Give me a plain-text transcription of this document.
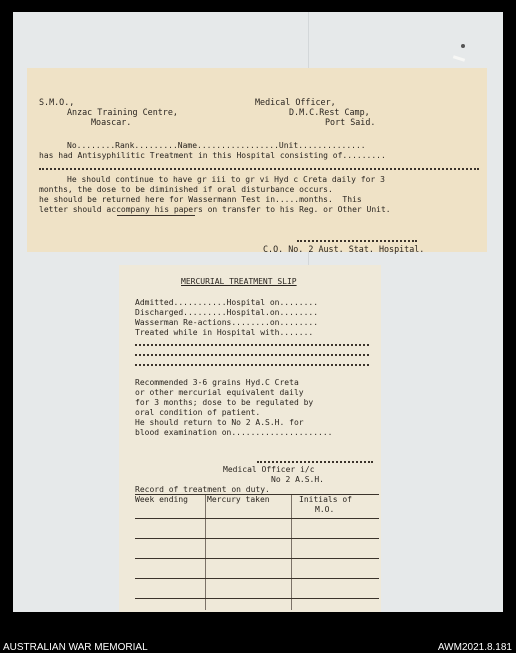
S.M.O.,
Anzac Training Centre,
Moascar.
Medical Officer,
D.M.C.Rest Camp,
Port Said.
No........Rank.........Name.................Unit..............
has had Antisyphilitic Treatment in this Hospital consisting of.........
He should continue to have gr iii to gr vi Hyd c Creta daily for 3
months, the dose to be diminished if oral disturbance occurs.
he should be returned here for Wassermann Test in.....months.  This
letter should accompany his papers on transfer to his Reg. or Other Unit.
C.O. No. 2 Aust. Stat. Hospital.
MERCURIAL TREATMENT SLIP
Admitted...........Hospital on........
Discharged.........Hospital.on........
Wasserman Re-actions........on........
Treated while in Hospital with.......
Recommended 3-6 grains Hyd.C Creta
or other mercurial equivalent daily
for 3 months; dose to be regulated by
oral condition of patient.
He should return to No 2 A.S.H. for
blood examination on.....................
Medical Officer i/c
No 2 A.S.H.
Record of treatment on duty.
Week ending Mercury taken	Initials of
M.O.
AUSTRALIAN WAR MEMORIAL	AWM2021.8.181
